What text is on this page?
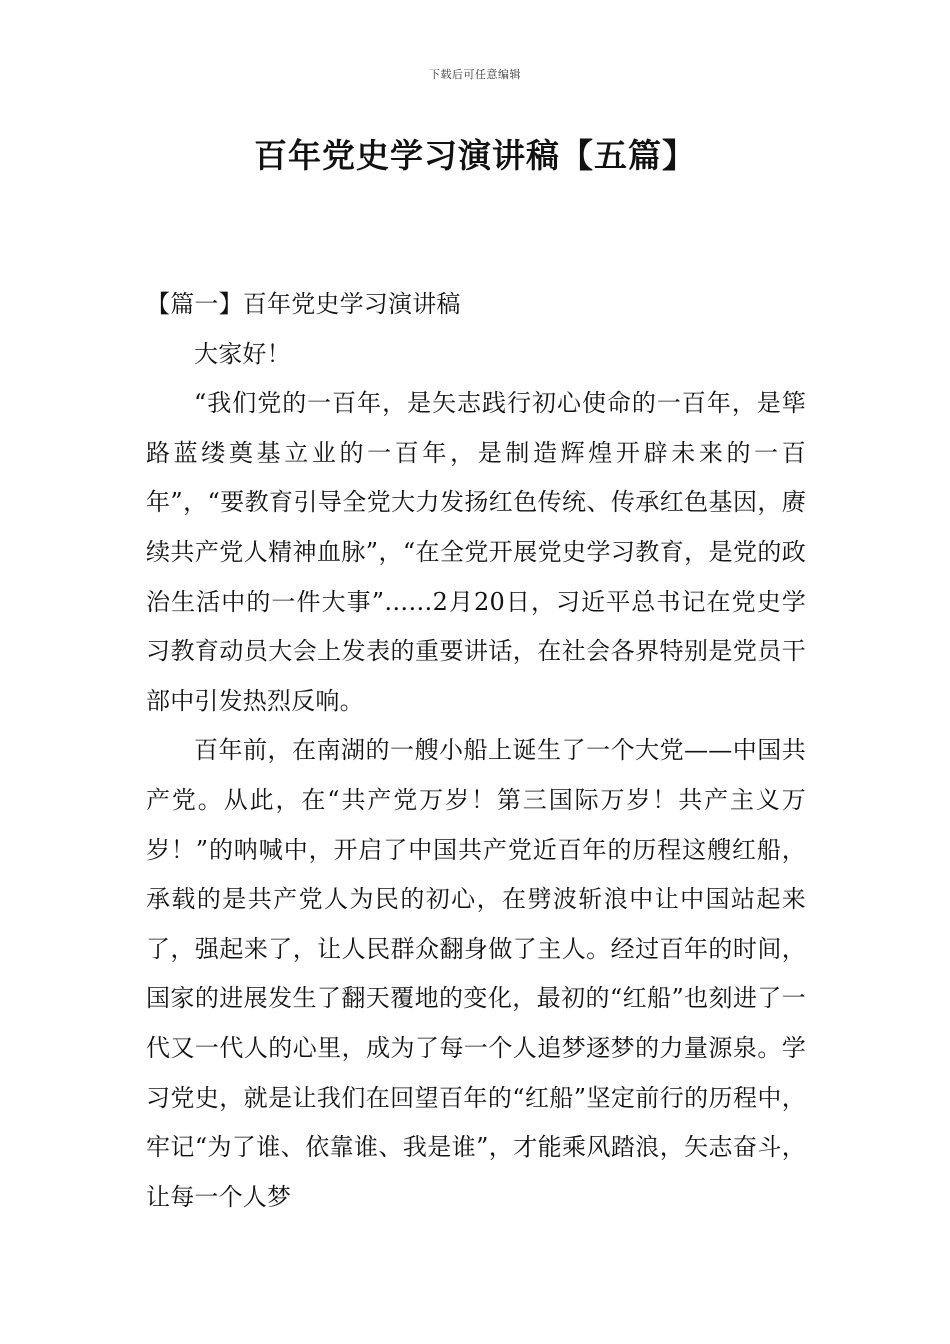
下载后可任意编辑
百年党史学习演讲稿【五篇】

【篇一】百年党史学习演讲稿

大家好！

“我们党的一百年，是矢志践行初心使命的一百年，是筚路蓝缕奠基立业的一百年，是制造辉煌开辟未来的一百年”，“要教育引导全党大力发扬红色传统、传承红色基因，赓续共产党人精神血脉”，“在全党开展党史学习教育，是党的政治生活中的一件大事”……2月20日，习近平总书记在党史学习教育动员大会上发表的重要讲话，在社会各界特别是党员干部中引发热烈反响。

百年前，在南湖的一艘小船上诞生了一个大党——中国共产党。从此，在“共产党万岁！第三国际万岁！共产主义万岁！”的呐喊中，开启了中国共产党近百年的历程这艘红船，承载的是共产党人为民的初心，在劈波斩浪中让中国站起来了，强起来了，让人民群众翻身做了主人。经过百年的时间，国家的进展发生了翻天覆地的变化，最初的“红船”也刻进了一代又一代人的心里，成为了每一个人追梦逐梦的力量源泉。学习党史，就是让我们在回望百年的“红船”坚定前行的历程中，牢记“为了谁、依靠谁、我是谁”，才能乘风踏浪，矢志奋斗，让每一个人梦
